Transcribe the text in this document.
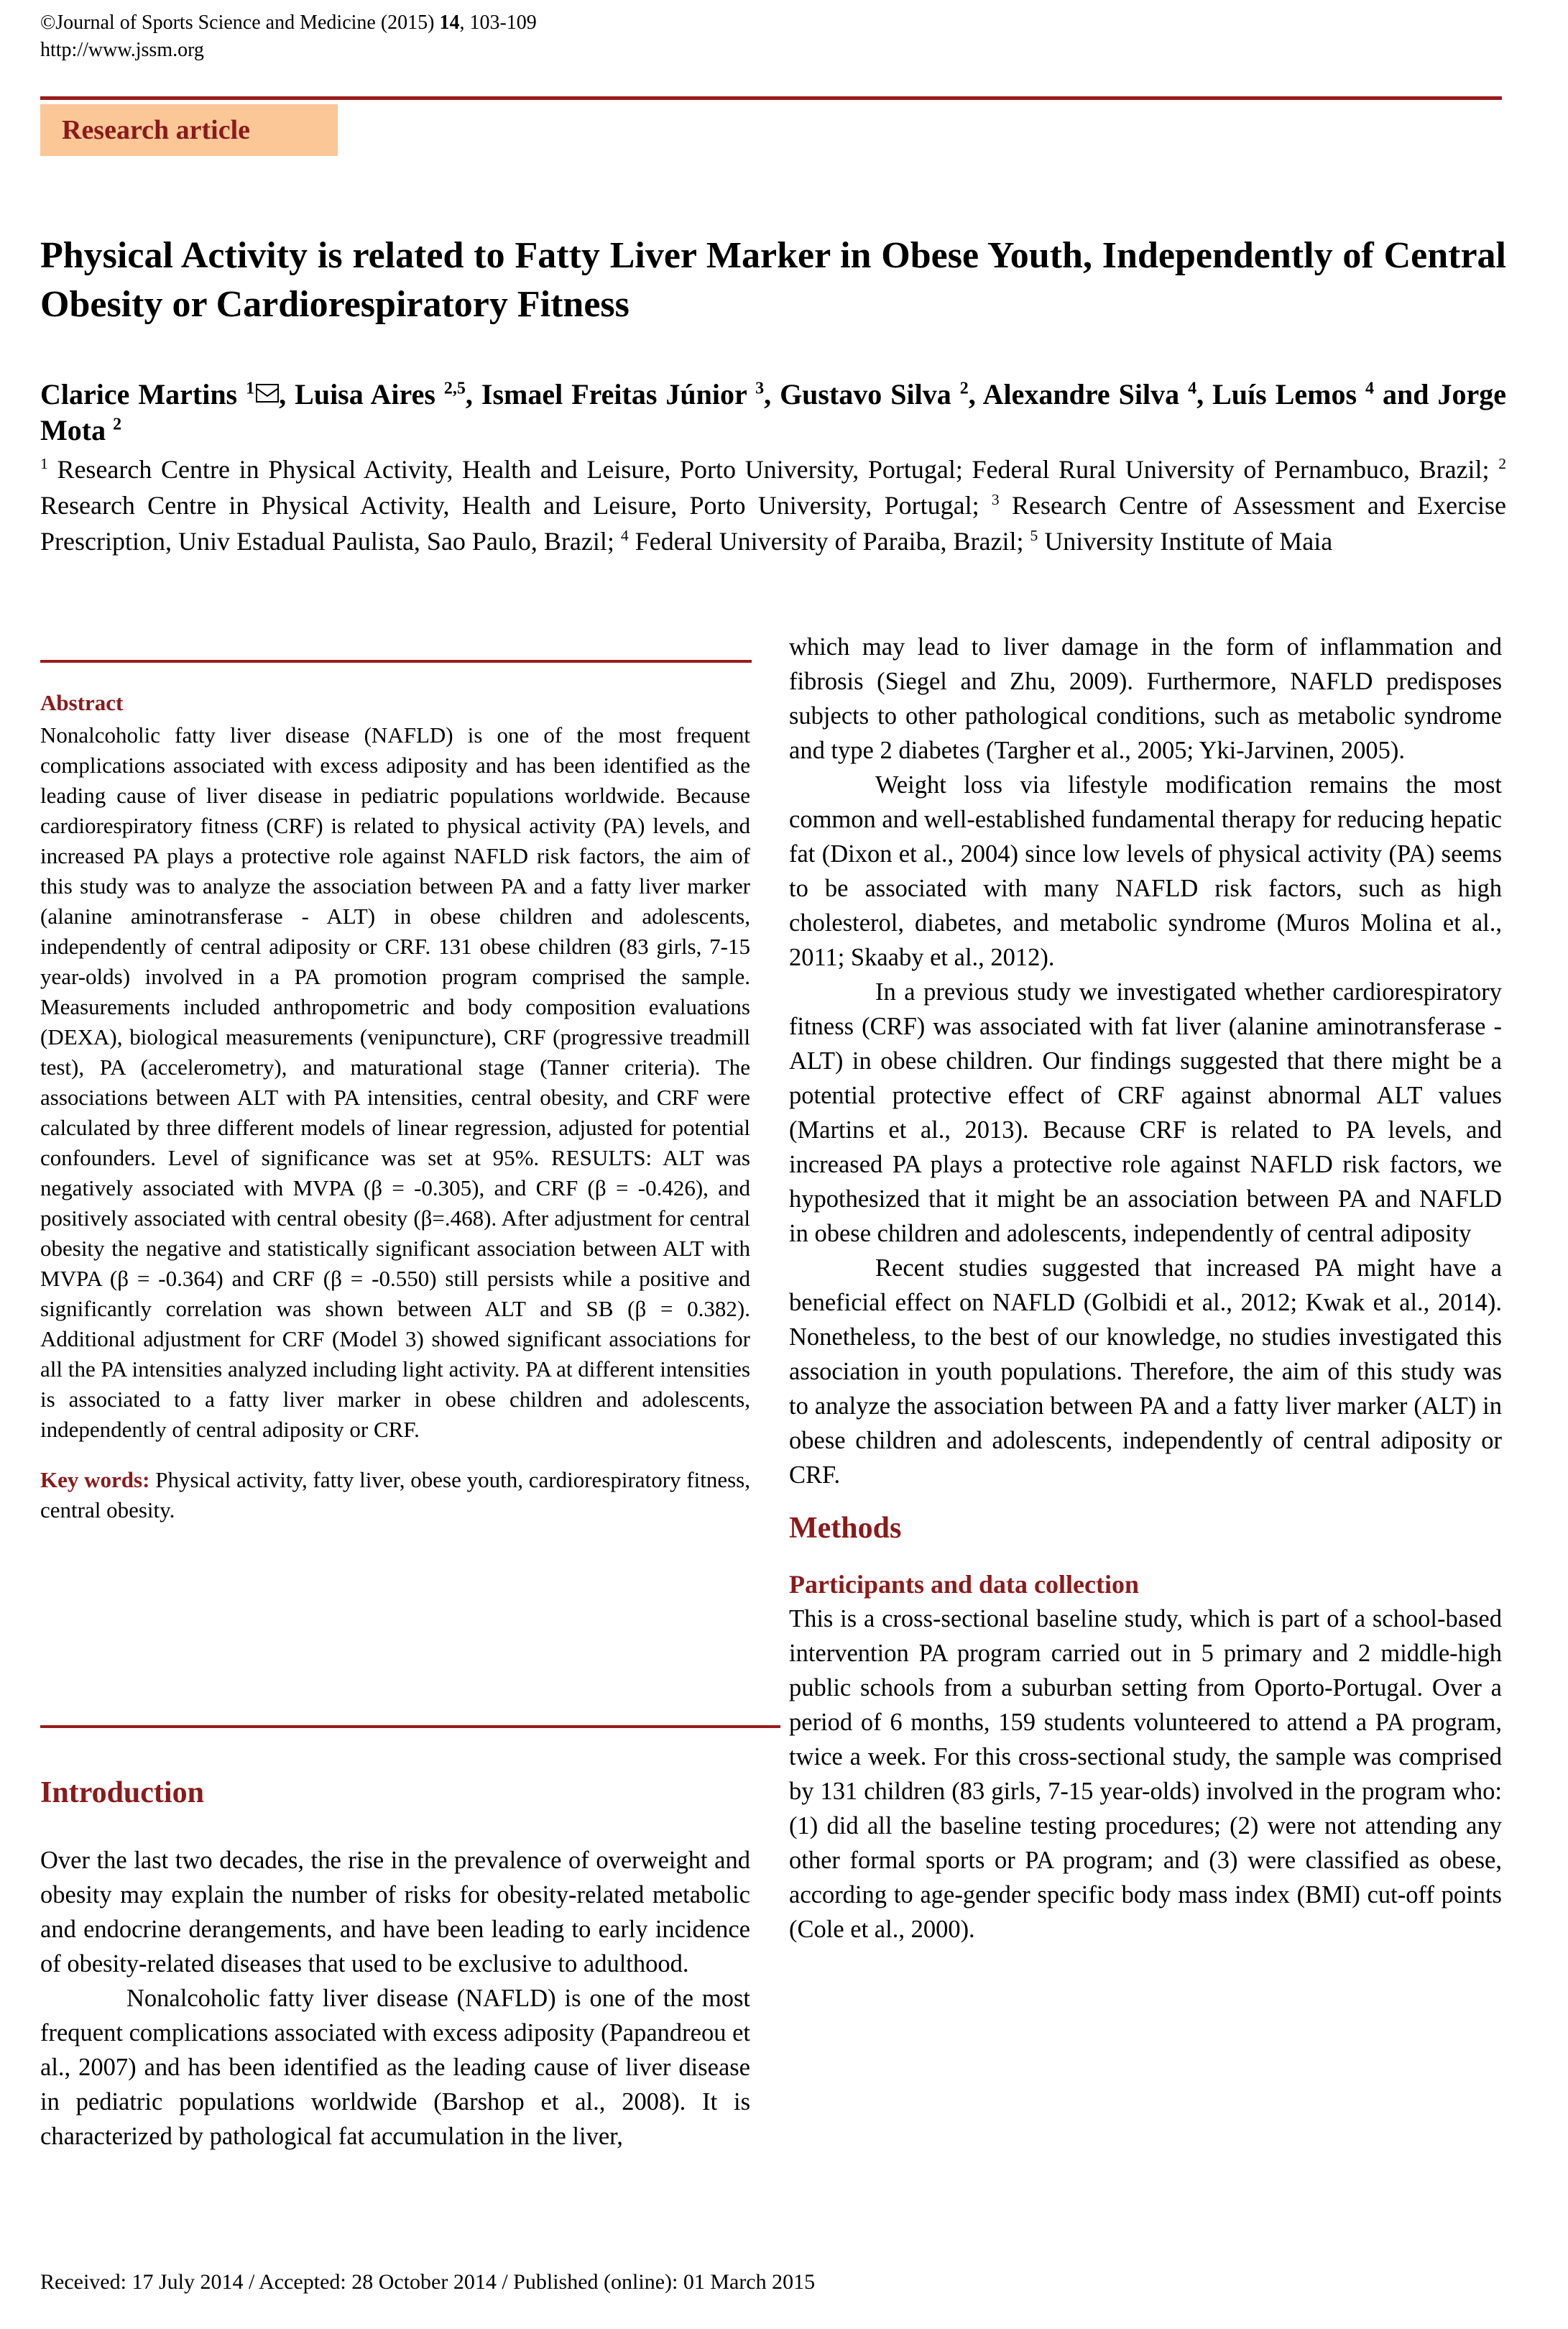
©Journal of Sports Science and Medicine (2015) 14, 103-109
http://www.jssm.org
Research article
Physical Activity is related to Fatty Liver Marker in Obese Youth, Independently of Central Obesity or Cardiorespiratory Fitness
Clarice Martins $^1$ , Luisa Aires $^{2,5}$, Ismael Freitas Júnior $^3$, Gustavo Silva $^2$, Alexandre Silva $^4$, Luís Lemos $^4$ and Jorge Mota $^2$
$^1$ Research Centre in Physical Activity, Health and Leisure, Porto University, Portugal; Federal Rural University of Pernambuco, Brazil; $^2$ Research Centre in Physical Activity, Health and Leisure, Porto University, Portugal; $^3$ Research Centre of Assessment and Exercise Prescription, Univ Estadual Paulista, Sao Paulo, Brazil; $^4$ Federal University of Paraiba, Brazil; $^5$ University Institute of Maia
Abstract

Nonalcoholic fatty liver disease (NAFLD) is one of the most frequent complications associated with excess adiposity and has been identified as the leading cause of liver disease in pediatric populations worldwide. Because cardiorespiratory fitness (CRF) is related to physical activity (PA) levels, and increased PA plays a protective role against NAFLD risk factors, the aim of this study was to analyze the association between PA and a fatty liver marker (alanine aminotransferase - ALT) in obese children and adolescents, independently of central adiposity or CRF. 131 obese children (83 girls, 7-15 year-olds) involved in a PA promotion program comprised the sample. Measurements included anthropometric and body composition evaluations (DEXA), biological measurements (venipuncture), CRF (progressive treadmill test), PA (accelerometry), and maturational stage (Tanner criteria). The associations between ALT with PA intensities, central obesity, and CRF were calculated by three different models of linear regression, adjusted for potential confounders. Level of significance was set at 95%. RESULTS: ALT was negatively associated with MVPA (β = -0.305), and CRF (β = -0.426), and positively associated with central obesity (β=.468). After adjustment for central obesity the negative and statistically significant association between ALT with MVPA (β = -0.364) and CRF (β = -0.550) still persists while a positive and significantly correlation was shown between ALT and SB (β = 0.382). Additional adjustment for CRF (Model 3) showed significant associations for all the PA intensities analyzed including light activity. PA at different intensities is associated to a fatty liver marker in obese children and adolescents, independently of central adiposity or CRF.

Key words: Physical activity, fatty liver, obese youth, cardiorespiratory fitness, central obesity.

Introduction

Over the last two decades, the rise in the prevalence of overweight and obesity may explain the number of risks for obesity-related metabolic and endocrine derangements, and have been leading to early incidence of obesity-related diseases that used to be exclusive to adulthood.

Nonalcoholic fatty liver disease (NAFLD) is one of the most frequent complications associated with excess adiposity (Papandreou et al., 2007) and has been identified as the leading cause of liver disease in pediatric populations worldwide (Barshop et al., 2008). It is characterized by pathological fat accumulation in the liver,

which may lead to liver damage in the form of inflammation and fibrosis (Siegel and Zhu, 2009). Furthermore, NAFLD predisposes subjects to other pathological conditions, such as metabolic syndrome and type 2 diabetes (Targher et al., 2005; Yki-Jarvinen, 2005).

Weight loss via lifestyle modification remains the most common and well-established fundamental therapy for reducing hepatic fat (Dixon et al., 2004) since low levels of physical activity (PA) seems to be associated with many NAFLD risk factors, such as high cholesterol, diabetes, and metabolic syndrome (Muros Molina et al., 2011; Skaaby et al., 2012).

In a previous study we investigated whether cardiorespiratory fitness (CRF) was associated with fat liver (alanine aminotransferase - ALT) in obese children. Our findings suggested that there might be a potential protective effect of CRF against abnormal ALT values (Martins et al., 2013). Because CRF is related to PA levels, and increased PA plays a protective role against NAFLD risk factors, we hypothesized that it might be an association between PA and NAFLD in obese children and adolescents, independently of central adiposity

Recent studies suggested that increased PA might have a beneficial effect on NAFLD (Golbidi et al., 2012; Kwak et al., 2014). Nonetheless, to the best of our knowledge, no studies investigated this association in youth populations. Therefore, the aim of this study was to analyze the association between PA and a fatty liver marker (ALT) in obese children and adolescents, independently of central adiposity or CRF.

Methods
Participants and data collection

This is a cross-sectional baseline study, which is part of a school-based intervention PA program carried out in 5 primary and 2 middle-high public schools from a suburban setting from Oporto-Portugal. Over a period of 6 months, 159 students volunteered to attend a PA program, twice a week. For this cross-sectional study, the sample was comprised by 131 children (83 girls, 7-15 year-olds) involved in the program who: (1) did all the baseline testing procedures; (2) were not attending any other formal sports or PA program; and (3) were classified as obese, according to age-gender specific body mass index (BMI) cut-off points (Cole et al., 2000).

Received: 17 July 2014 / Accepted: 28 October 2014 / Published (online): 01 March 2015
